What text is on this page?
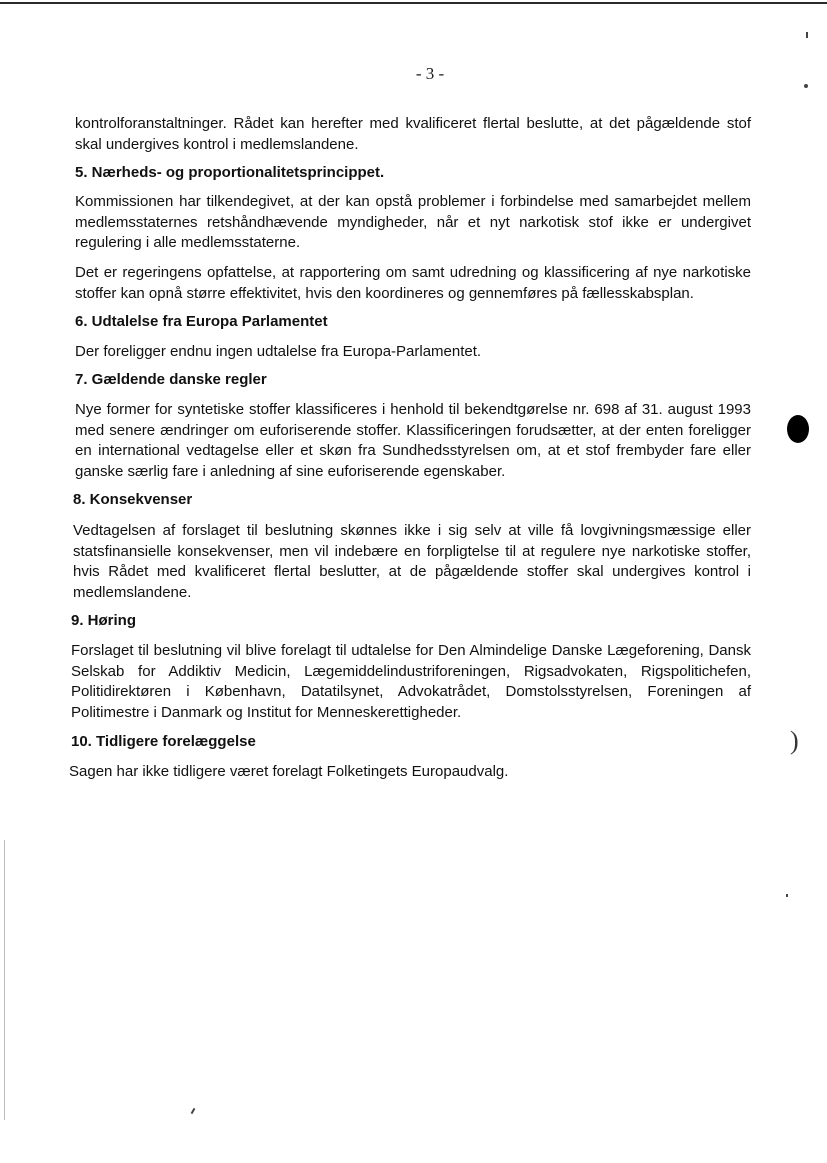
- 3 -

kontrolforanstaltninger. Rådet kan herefter med kvalificeret flertal beslutte, at det pågældende stof skal undergives kontrol i medlemslandene.

5. Nærheds- og proportionalitetsprincippet.

Kommissionen har tilkendegivet, at der kan opstå problemer i forbindelse med samarbejdet mellem medlemsstaternes retshåndhævende myndigheder, når et nyt narkotisk stof ikke er undergivet regulering i alle medlemsstaterne.

Det er regeringens opfattelse, at rapportering om samt udredning og klassificering af nye narkotiske stoffer kan opnå større effektivitet, hvis den koordineres og gennemføres på fællesskabsplan.

6. Udtalelse fra Europa Parlamentet

Der foreligger endnu ingen udtalelse fra Europa-Parlamentet.

7. Gældende danske regler

Nye former for syntetiske stoffer klassificeres i henhold til bekendtgørelse nr. 698 af 31. august 1993 med senere ændringer om euforiserende stoffer. Klassificeringen forudsætter, at der enten foreligger en international vedtagelse eller et skøn fra Sundhedsstyrelsen om, at et stof frembyder fare eller ganske særlig fare i anledning af sine euforiserende egenskaber.

8. Konsekvenser

Vedtagelsen af forslaget til beslutning skønnes ikke i sig selv at ville få lovgivningsmæssige eller statsfinansielle konsekvenser, men vil indebære en forpligtelse til at regulere nye narkotiske stoffer, hvis Rådet med kvalificeret flertal beslutter, at de pågældende stoffer skal undergives kontrol i medlemslandene.

9. Høring

Forslaget til beslutning vil blive forelagt til udtalelse for Den Almindelige Danske Lægeforening, Dansk Selskab for Addiktiv Medicin, Lægemiddelindustriforeningen, Rigsadvokaten, Rigspolitichefen, Politidirektøren i København, Datatilsynet, Advokatrådet, Domstolsstyrelsen, Foreningen af Politimestre i Danmark og Institut for Menneskerettigheder.

10. Tidligere forelæggelse

Sagen har ikke tidligere været forelagt Folketingets Europaudvalg.

)
